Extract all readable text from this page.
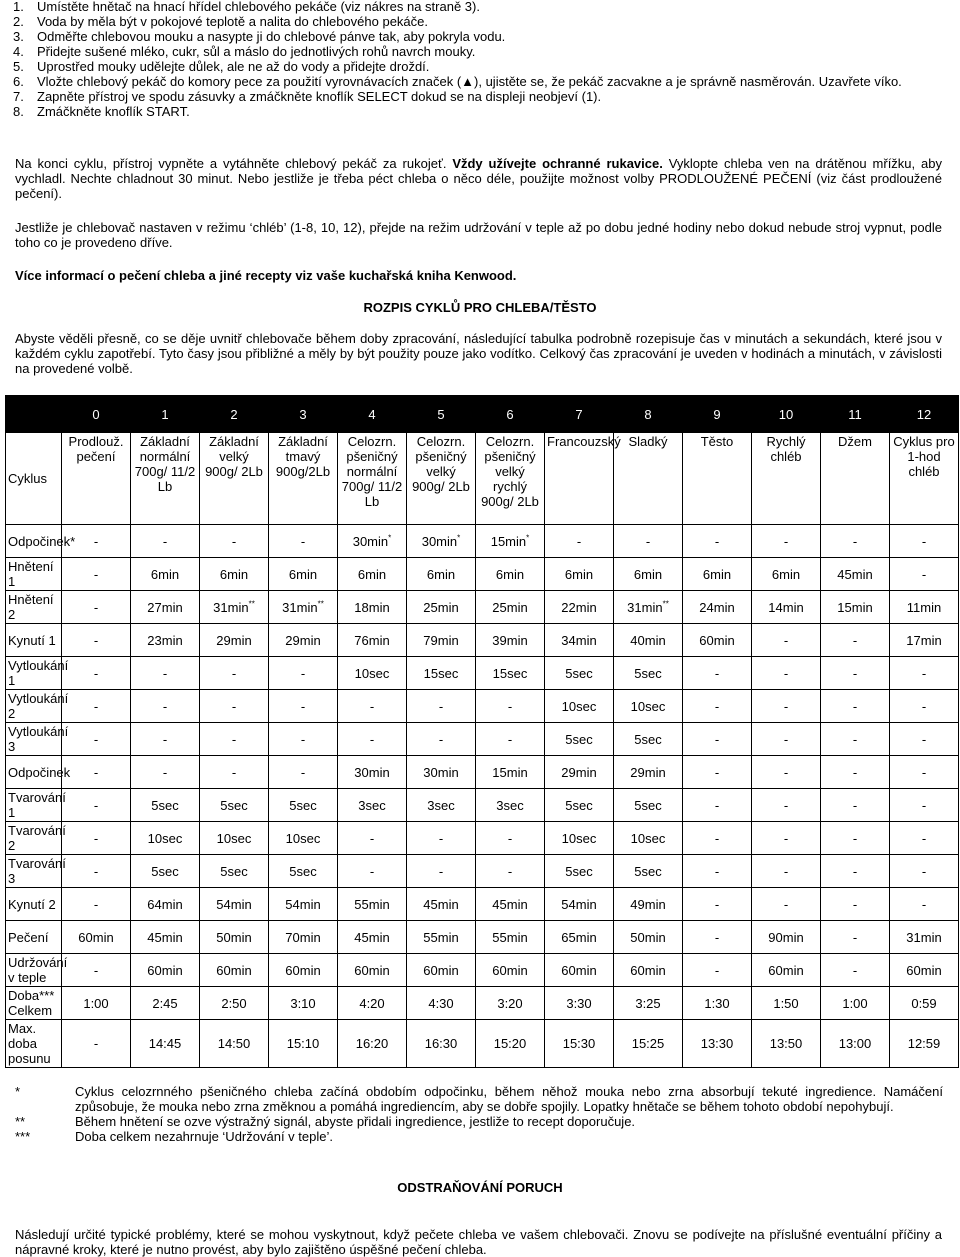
1.	Umístěte hnětač na hnací hřídel chlebového pekáče (viz nákres na straně 3).
2.	Voda by měla být v pokojové teplotě a nalita do chlebového pekáče.
3.	Odměřte chlebovou mouku a nasypte ji do chlebové pánve tak, aby pokryla vodu.
4.	Přidejte sušené mléko, cukr, sůl a máslo do jednotlivých rohů navrch mouky.
5.	Uprostřed mouky udělejte důlek, ale ne až do vody a přidejte droždí.
6.	Vložte chlebový pekáč do komory pece za použití vyrovnávacích značek (▲), ujistěte se, že pekáč zacvakne a je správně nasměrován. Uzavřete víko.
7.	Zapněte přístroj ve spodu zásuvky a zmáčkněte knoflík SELECT dokud se na displeji neobjeví (1).
8.	Zmáčkněte knoflík START.

Na konci cyklu, přístroj vypněte a vytáhněte chlebový pekáč za rukojeť. Vždy užívejte ochranné rukavice. Vyklopte chleba ven na drátěnou mřížku, aby vychladl. Nechte chladnout 30 minut. Nebo jestliže je třeba péct chleba o něco déle, použijte možnost volby PRODLOUŽENÉ PEČENÍ (viz část prodloužené pečení).

Jestliže je chlebovač nastaven v režimu ‘chléb’ (1-8, 10, 12), přejde na režim udržování v teple až po dobu jedné hodiny nebo dokud nebude stroj vypnut, podle toho co je provedeno dříve.

Více informací o pečení chleba a jiné recepty viz vaše kuchařská kniha Kenwood.

ROZPIS CYKLŮ PRO CHLEBA/TĚSTO

Abyste věděli přesně, co se děje uvnitř chlebovače během doby zpracování, následující tabulka podrobně rozepisuje čas v minutách a sekundách, které jsou v každém cyklu zapotřebí. Tyto časy jsou přibližné a měly by být použity pouze jako vodítko. Celkový čas zpracování je uveden v hodinách a minutách, v závislosti na provedené volbě.

	0	1	2	3	4	5	6	7	8	9	10	11	12
Cyklus	Prodlouž. pečení	Základní normální 700g/ 11/2 Lb	Základní velký 900g/ 2Lb	Základní tmavý 900g/2Lb	Celozrn. pšeničný normální 700g/ 11/2 Lb	Celozrn. pšeničný velký 900g/ 2Lb	Celozrn. pšeničný velký rychlý 900g/ 2Lb	Francouzský	Sladký	Těsto	Rychlý chléb	Džem	Cyklus pro 1-hod chléb
Odpočinek*	-	-	-	-	30min*	30min*	15min*	-	-	-	-	-	-
Hnětení 1	-	6min	6min	6min	6min	6min	6min	6min	6min	6min	6min	45min	-
Hnětení 2	-	27min	31min**	31min**	18min	25min	25min	22min	31min**	24min	14min	15min	11min
Kynutí 1	-	23min	29min	29min	76min	79min	39min	34min	40min	60min	-	-	17min
Vytloukání 1	-	-	-	-	10sec	15sec	15sec	5sec	5sec	-	-	-	-
Vytloukání 2	-	-	-	-	-	-	-	10sec	10sec	-	-	-	-
Vytloukání 3	-	-	-	-	-	-	-	5sec	5sec	-	-	-	-
Odpočinek	-	-	-	-	30min	30min	15min	29min	29min	-	-	-	-
Tvarování 1	-	5sec	5sec	5sec	3sec	3sec	3sec	5sec	5sec	-	-	-	-
Tvarování 2	-	10sec	10sec	10sec	-	-	-	10sec	10sec	-	-	-	-
Tvarování 3	-	5sec	5sec	5sec	-	-	-	5sec	5sec	-	-	-	-
Kynutí 2	-	64min	54min	54min	55min	45min	45min	54min	49min	-	-	-	-
Pečení	60min	45min	50min	70min	45min	55min	55min	65min	50min	-	90min	-	31min
Udržování v teple	-	60min	60min	60min	60min	60min	60min	60min	60min	-	60min	-	60min
Doba*** Celkem	1:00	2:45	2:50	3:10	4:20	4:30	3:20	3:30	3:25	1:30	1:50	1:00	0:59
Max. doba posunu	-	14:45	14:50	15:10	16:20	16:30	15:20	15:30	15:25	13:30	13:50	13:00	12:59
*	Cyklus celozrnného pšeničného chleba začíná obdobím odpočinku, během něhož mouka nebo zrna absorbují tekuté ingredience. Namáčení způsobuje, že mouka nebo zrna změknou a pomáhá ingrediencím, aby se dobře spojily. Lopatky hnětače se během tohoto období nepohybují.
**	Během hnětení se ozve výstražný signál, abyste přidali ingredience, jestliže to recept doporučuje.
***	Doba celkem nezahrnuje ‘Udržování v teple’.
ODSTRAŇOVÁNÍ PORUCH

Následují určité typické problémy, které se mohou vyskytnout, když pečete chleba ve vašem chlebovači. Znovu se podívejte na příslušné eventuální příčiny a nápravné kroky, které je nutno provést, aby bylo zajištěno úspěšné pečení chleba.
